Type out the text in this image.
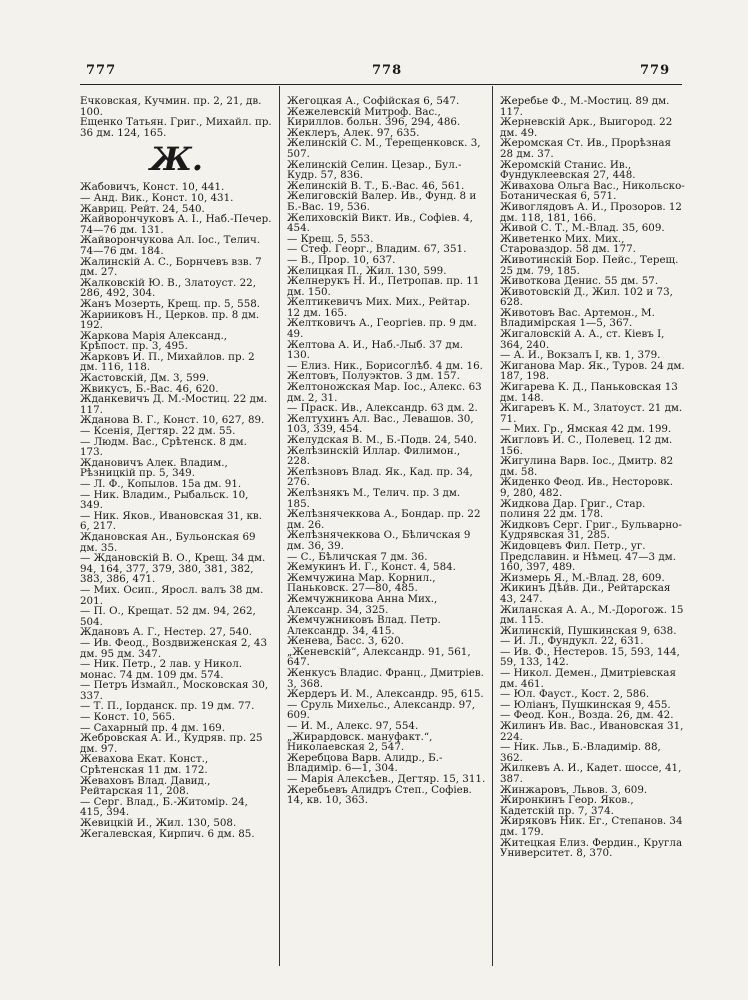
777	778	779

Ёчковская, Кучмин. пр. 2, 21, дв. 100.

Ещенко Татьян. Григ., Михайл. пр. 36 дм. 124, 165.

Ж.

Жабовичъ, Конст. 10, 441.

— Анд. Вик., Конст. 10, 431.

Жавриц. Рейт. 24, 540.

Жайворончуковъ А. І., Наб.-Печер. 74—76 дм. 131.

Жайворончукова Ал. Іос., Телич. 74—76 дм. 184.

Жалинскій А. С., Борнчевъ взв. 7 дм. 27.

Жалковскій Ю. В., Златоуст. 22, 286, 492, 304.

Жанъ Мозерть, Крещ. пр. 5, 558.

Жарииковъ Н., Церков. пр. 8 дм. 192.

Жаркова Марія Александ., Крѣпост. пр. 3, 495.

Жарковъ И. П., Михайлов. пр. 2 дм. 116, 118.

Жастовскій, Дм. 3, 599.

Жвикусъ, Б.-Вас. 46, 620.

Жданкевичъ Д. М.-Мостиц. 22 дм. 117.

Жданова В. Г., Конст. 10, 627, 89.

— Ксенія, Дегтяр. 22 дм. 55.

— Людм. Вас., Срѣтенск. 8 дм. 173.

Ждановичъ Алек. Владим., Рѣзницкій пр. 5, 349.

— Л. Ф., Копылов. 15а дм. 91.

— Ник. Владим., Рыбальск. 10, 349.

— Ник. Яков., Ивановская 31, кв. 6, 217.

Ждановская Ан., Бульонская 69 дм. 35.

— Ждановскій В. О., Крещ. 34 дм. 94, 164, 377, 379, 380, 381, 382, 383, 386, 471.

— Мих. Осип., Яросл. валъ 38 дм. 201.

— П. О., Крещат. 52 дм. 94, 262, 504.

Ждановъ А. Г., Нестер. 27, 540.

— Ив. Феод., Воздвиженская 2, 43 дм. 95 дм. 347.

— Ник. Петр., 2 лав. у Никол. монас. 74 дм. 109 дм. 574.

— Петръ Измайл., Московская 30, 337.

— Т. П., Іорданск. пр. 19 дм. 77.

— Конст. 10, 565.

— Сахарный пр. 4 дм. 169.

Жебровская А. И., Кудряв. пр. 25 дм. 97.

Жевахова Екат. Конст., Срѣтенская 11 дм. 172.

Жеваховъ Влад. Давид., Рейтарская 11, 208.

— Серг. Влад., Б.-Житомір. 24, 415, 394.

Жевицкій И., Жил. 130, 508.

Жегалевская, Кирпич. 6 дм. 85.

Жегоцкая А., Софійская 6, 547.

Жежелевскій Митроф. Вас., Кириллов. больн. 396, 294, 486.

Жеклеръ, Алек. 97, 635.

Желинскій С. М., Терещенковск. 3, 507.

Желинскій Селин. Цезар., Бул.-Кудр. 57, 836.

Желинскій В. Т., Б.-Вас. 46, 561.

Желиговскій Валер. Ив., Фунд. 8 и Б.-Вас. 19, 536.

Желиховскій Викт. Ив., Софіев. 4, 454.

— Крещ. 5, 553.

— Стеф. Георг., Владим. 67, 351.

— В., Прор. 10, 637.

Желицкая П., Жил. 130, 599.

Желнерукъ Н. И., Петропав. пр. 11 дм. 150.

Желтикевичъ Мих. Мих., Рейтар. 12 дм. 165.

Желтковичъ А., Георгіев. пр. 9 дм. 49.

Желтова А. И., Наб.-Лыб. 37 дм. 130.

— Елиз. Ник., Борисоглѣб. 4 дм. 16.

Желтовъ, Полуэктов. 3 дм. 157.

Желтоножская Мар. Іос., Алекс. 63 дм. 2, 31.

— Праск. Ив., Александр. 63 дм. 2.

Желтухинъ Ал. Вас., Левашов. 30, 103, 339, 454.

Желудская В. М., Б.-Подв. 24, 540.

Желѣзинскій Иллар. Филимон., 228.

Желѣзновъ Влад. Як., Кад. пр. 34, 276.

Желѣзнякъ М., Телич. пр. 3 дм. 185.

Желѣзнячеккова А., Бондар. пр. 22 дм. 26.

Желѣзнячеккова О., Бѣличская 9 дм. 36, 39.

— С., Бѣличская 7 дм. 36.

Жемукинъ И. Г., Конст. 4, 584.

Жемчужина Мар. Корнил., Паньковск. 27—80, 485.

Жемчужникова Анна Мих., Алексанр. 34, 325.

Жемчужниковъ Влад. Петр. Александр. 34, 415.

Женева, Басс. 3, 620.

„Женевскій“, Александр. 91, 561, 647.

Женкусъ Владис. Франц., Дмитріев. 3, 368.

Жердеръ И. М., Александр. 95, 615.

— Сруль Михельс., Александр. 97, 609.

— И. М., Алекс. 97, 554.

„Жирардовск. мануфакт.“, Николаевская 2, 547.

Жеребцова Варв. Алидр., Б.-Владимір. 6—1, 304.

— Марія Алексѣев., Дегтяр. 15, 311.

Жеребьевъ Алидръ Степ., Софіев. 14, кв. 10, 363.

Жеребье Ф., М.-Мостиц. 89 дм. 117.

Жерневскій Арк., Выигород. 22 дм. 49.

Жеромская Ст. Ив., Прорѣзная 28 дм. 37.

Жеромскій Станис. Ив., Фундуклеевская 27, 448.

Живахова Ольга Вас., Никольско-Ботаническая 6, 571.

Живоглядовъ А. И., Прозоров. 12 дм. 118, 181, 166.

Живой С. Т., М.-Влад. 35, 609.

Живетенко Мих. Мих., Староваздор. 58 дм. 177.

Животинскій Бор. Пейс., Терещ. 25 дм. 79, 185.

Животкова Денис. 55 дм. 57.

Животовскій Д., Жил. 102 и 73, 628.

Животовъ Вас. Артемон., М. Владимірская 1—5, 367.

Жигаловскій А. А., ст. Кіевъ І, 364, 240.

— А. И., Вокзалъ І, кв. 1, 379.

Жиганова Мар. Як., Туров. 24 дм. 187, 198.

Жигарева К. Д., Паньковская 13 дм. 148.

Жигаревъ К. М., Златоуст. 21 дм. 71.

— Мих. Гр., Ямская 42 дм. 199.

Жигловъ И. С., Полевец. 12 дм. 156.

Жигулина Варв. Іос., Дмитр. 82 дм. 58.

Жиденко Феод. Ив., Несторовк. 9, 280, 482.

Жидкова Дар. Григ., Стар. полиня 22 дм. 178.

Жидковъ Серг. Григ., Бульварно-Кудрявская 31, 285.

Жидовцевъ Фил. Петр., уг. Предславин. и Нѣмец. 47—3 дм. 160, 397, 489.

Жизмерь Я., М.-Влад. 28, 609.

Жикинъ Дѣйв. Ди., Рейтарская 43, 247.

Жиланская А. А., М.-Дорогож. 15 дм. 115.

Жилинскій, Пушкинская 9, 638.

— И. Л., Фундукл. 22, 631.

— Ив. Ф., Нестеров. 15, 593, 144, 59, 133, 142.

— Никол. Демен., Дмитріевская дм. 461.

— Юл. Фауст., Кост. 2, 586.

— Юліанъ, Пушкинская 9, 455.

— Феод. Кон., Возда. 26, дм. 42.

Жилинъ Ив. Вас., Ивановская 31, 224.

— Ник. Льв., Б.-Владимір. 88, 362.

Жилкевъ А. И., Кадет. шоссе, 41, 387.

Жинжаровъ, Львов. 3, 609.

Жиронкинъ Геор. Яков., Кадетскій пр. 7, 374.

Жиряковъ Ник. Ег., Степанов. 34 дм. 179.

Житецкая Елиз. Фердин., Кругла Университет. 8, 370.
